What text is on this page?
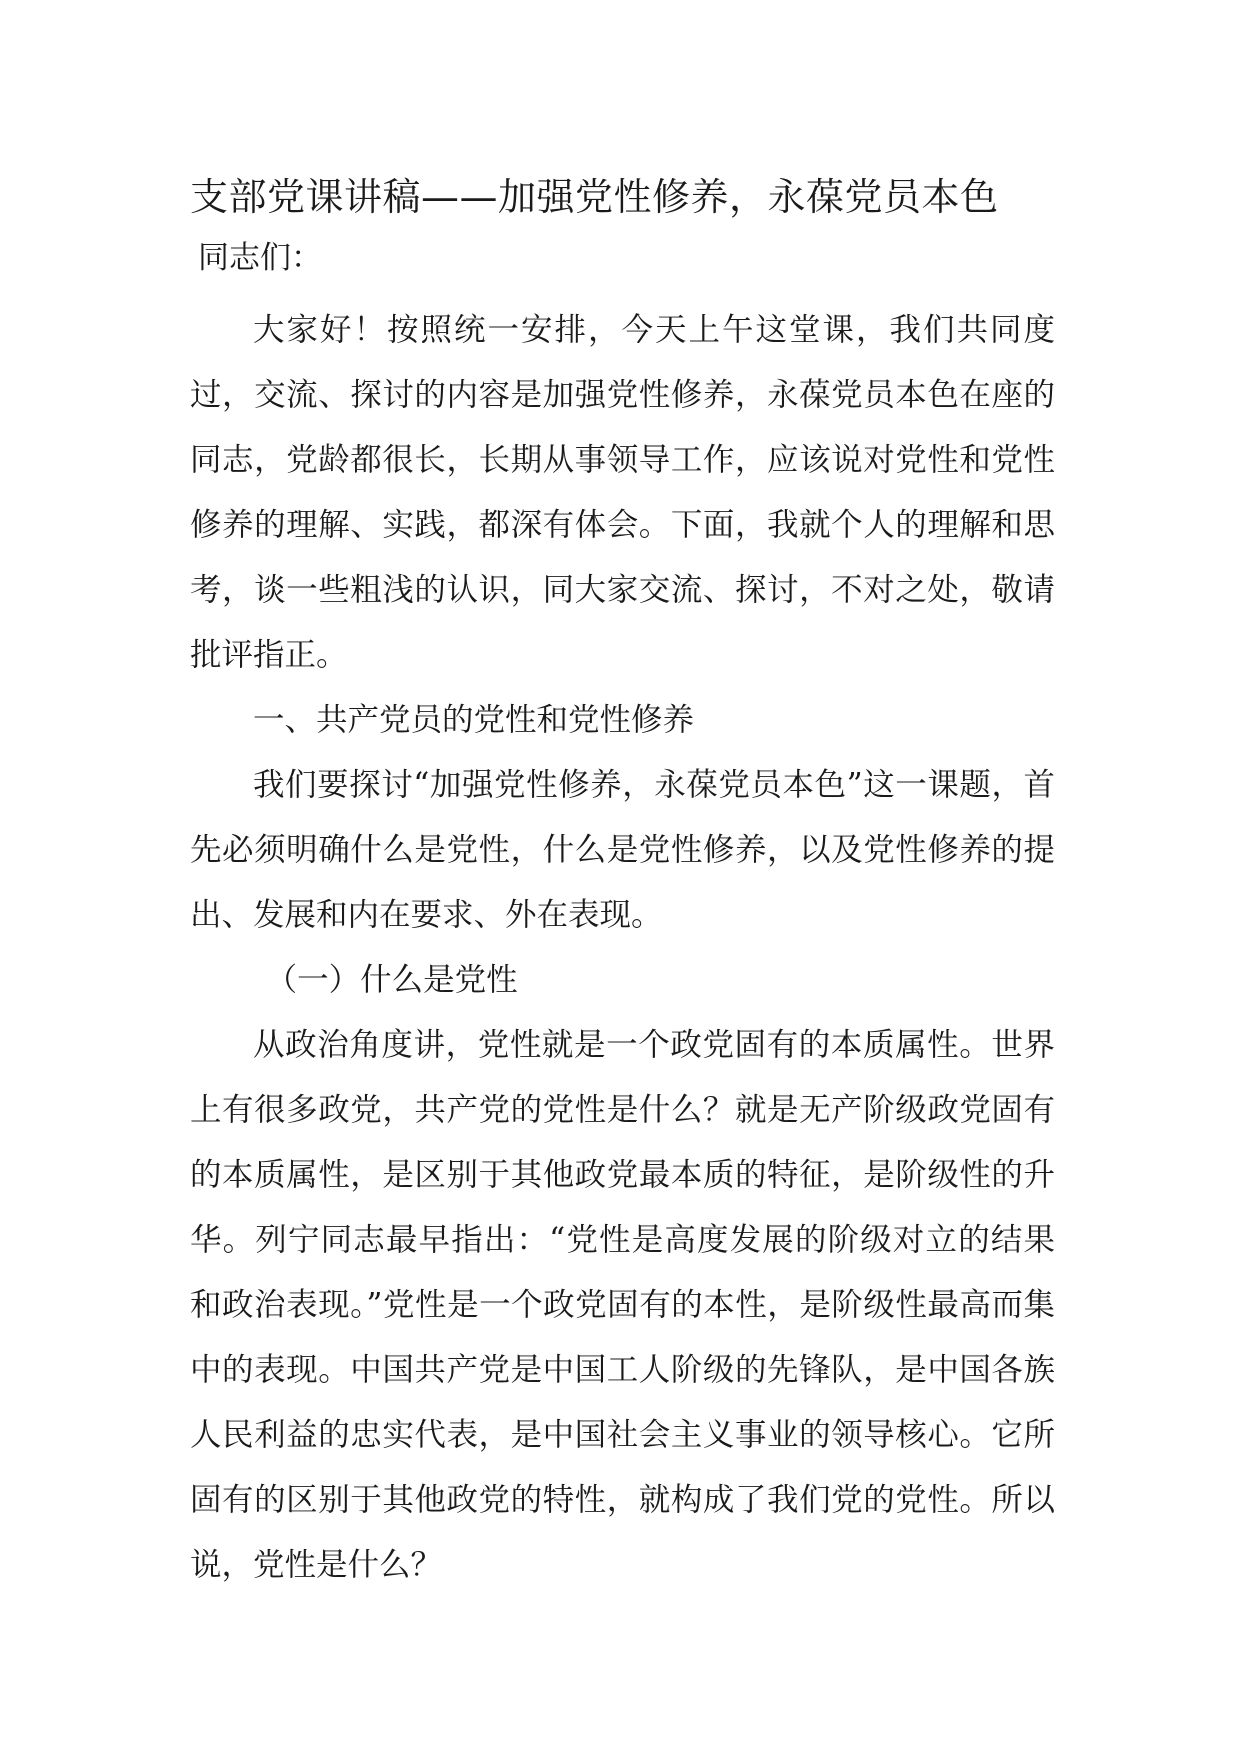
支部党课讲稿——加强党性修养，永葆党员本色

同志们：

大家好！按照统一安排，今天上午这堂课，我们共同度过，交流、探讨的内容是加强党性修养，永葆党员本色在座的同志，党龄都很长，长期从事领导工作，应该说对党性和党性修养的理解、实践，都深有体会。下面，我就个人的理解和思考，谈一些粗浅的认识，同大家交流、探讨，不对之处，敬请批评指正。

一、共产党员的党性和党性修养

我们要探讨“加强党性修养，永葆党员本色”这一课题，首先必须明确什么是党性，什么是党性修养，以及党性修养的提出、发展和内在要求、外在表现。

（一）什么是党性

从政治角度讲，党性就是一个政党固有的本质属性。世界上有很多政党，共产党的党性是什么？就是无产阶级政党固有的本质属性，是区别于其他政党最本质的特征，是阶级性的升华。列宁同志最早指出：“党性是高度发展的阶级对立的结果和政治表现。”党性是一个政党固有的本性，是阶级性最高而集中的表现。中国共产党是中国工人阶级的先锋队，是中国各族人民利益的忠实代表，是中国社会主义事业的领导核心。它所固有的区别于其他政党的特性，就构成了我们党的党性。所以说，党性是什么？
